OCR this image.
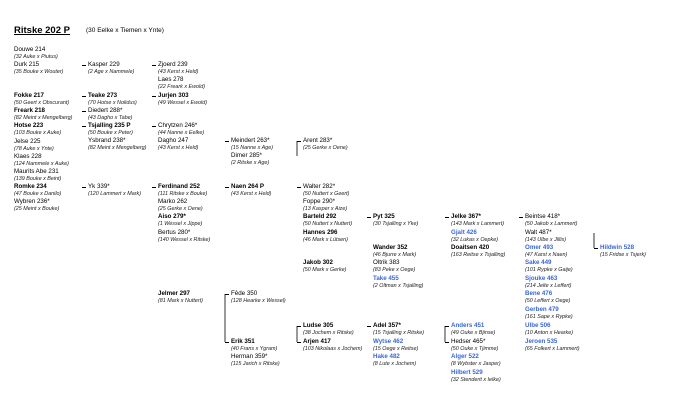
Ritske 202 P (30 Eelke x Tiemen x Ynte)
Douwe 214
(32 Auke x Piutus)
Durk 215
(35 Bouke x Wouter)
Fokke 217
(50 Geert x Obscurant)
Freark 218
(82 Meint x Mengelberg)
Hotse 223
(103 Bouke x Auke)
Jelse 225
(78 Auke x Ynte)
Klaes 228
(124 Nammele x Auke)
Maurits Abe 231
(139 Bouke x Beint)
Romke 234
(47 Bouke x Danilo)
Wybren 236*
(25 Meint x Bouke)
Kasper 229
(2 Age x Nammele)
Teake 273
(70 Hotse x Nolidus)
Diedert 288*
(43 Dagho x Tabe)
Tsjalling 235 P
(50 Bouke x Peter)
Ysbrand 238*
(82 Meint x Mengelberg)
Yk 339*
(120 Lammert x Mark)
Zjoerd 239
(43 Kerst x Held)
Laes 278
(22 Freark x Ewold)
Jurjen 303
(49 Wessel x Ewold)
Chrytzen 246*
(44 Nanne x Eelke)
Dagho 247
(43 Kerst x Held)
Ferdinand 252
(111 Ritske x Bouke)
Marko 262
(25 Gerke x Oene)
Aiso 279*
(1 Wessel x Jippe)
Bertus 280*
(140 Wessel x Ritske)
Jelmer 297
(81 Mark x Nuttert)
Meindert 263*
(15 Nanne x Age)
Dimer 285*
(2 Ritske x Age)
Naen 264 P
(43 Kerst x Held)
Fêde 350
(128 Hearke x Wessel)
Erik 351
(40 Frans x Ygram)
Herman 359*
(115 Jarich x Ritske)
Arent 283*
(25 Gerke x Oene)
Walter 282*
(50 Nuttert x Geert)
Foppe 290*
(13 Kasper x Aize)
Barteld 292
(50 Nuttert x Nuttert)
Hannes 296
(46 Mark x Lütsen)
Jakob 302
(50 Mark x Gerke)
Ludse 305
(38 Jochem x Ritske)
Arjen 417
(103 Nikolaas x Jochem)
Pyt 325
(30 Tsjalling x Yke)
Wander 352
(46 Bjurre x Mark)
Oltrik 383
(83 Peke x Oege)
Take 455
(2 Oltman x Tsjalling)
Adel 357*
(15 Tsjalling x Ritske)
Wytse 462
(15 Oege x Reitse)
Hake 482
(8 Lute x Jochem)
Jelke 367*
(143 Mark x Lammert)
Gjalt 426
(32 Lukas x Oepke)
Doaitsen 420
(163 Reitse x Tsjalling)
Anders 451
(49 Ouke x Bjinse)
Hedser 465*
(50 Ouke x Tjimme)
Alger 522
(8 Wybster x Jasper)
Hilbert 529
(32 Stenderit x Ielke)
Beintse 418*
(50 Jakob x Lammert)
Walt 487*
(143 Ulbe x Jillis)
Omer 493
(47 Karst x Naen)
Sake 449
(101 Rypke x Gaije)
Sjouke 463
(214 Jelte x Leffert)
Bene 476
(50 Leffert x Oege)
Gerben 479
(161 Sape x Rypke)
Ulbe 506
(10 Anton x Hearke)
Jeroen 535
(65 Folkert x Lammert)
Hildwin 528
(15 Fridse x Tsjerk)
